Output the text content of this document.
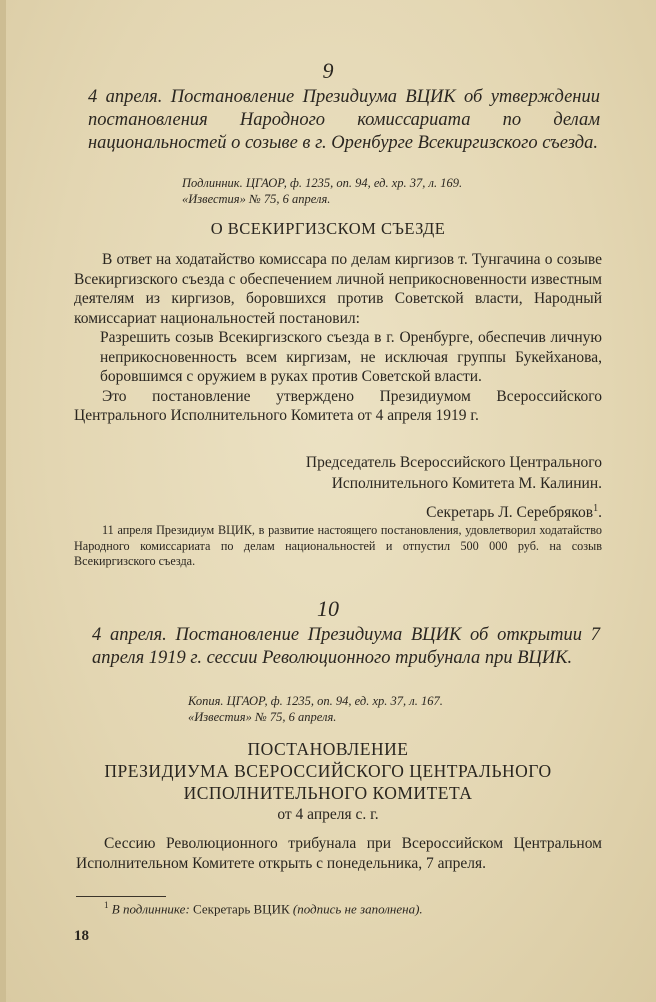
9
4 апреля. Постановление Президиума ВЦИК об утверждении постановления Народного комиссариата по делам национальностей о созыве в г. Оренбурге Всекиргизского съезда.
Подлинник. ЦГАОР, ф. 1235, оп. 94, ед. хр. 37, л. 169.
«Известия» № 75, 6 апреля.
О ВСЕКИРГИЗСКОМ СЪЕЗДЕ

В ответ на ходатайство комиссара по делам киргизов т. Тунгачина о созыве Всекиргизского съезда с обеспечением личной неприкосновенности известным деятелям из киргизов, боровшихся против Советской власти, Народный комиссариат национальностей постановил:

Разрешить созыв Всекиргизского съезда в г. Оренбурге, обеспечив личную неприкосновенность всем киргизам, не исключая группы Букейханова, боровшимся с оружием в руках против Советской власти.

Это постановление утверждено Президиумом Всероссийского Центрального Исполнительного Комитета от 4 апреля 1919 г.

Председатель Всероссийского Центрального
Исполнительного Комитета М. Калинин.
Секретарь Л. Серебряков$^1$.

11 апреля Президиум ВЦИК, в развитие настоящего постановления, удовлетворил ходатайство Народного комиссариата по делам национальностей и отпустил 500 000 руб. на созыв Всекиргизского съезда.

10
4 апреля. Постановление Президиума ВЦИК об открытии 7 апреля 1919 г. сессии Революционного трибунала при ВЦИК.
Копия. ЦГАОР, ф. 1235, оп. 94, ед. хр. 37, л. 167.
«Известия» № 75, 6 апреля.
ПОСТАНОВЛЕНИЕ
ПРЕЗИДИУМА ВСЕРОССИЙСКОГО ЦЕНТРАЛЬНОГО
ИСПОЛНИТЕЛЬНОГО КОМИТЕТА
от 4 апреля с. г.

Сессию Революционного трибунала при Всероссийском Центральном Исполнительном Комитете открыть с понедельника, 7 апреля.

$^1$ В подлиннике: Секретарь ВЦИК (подпись не заполнена).
18
